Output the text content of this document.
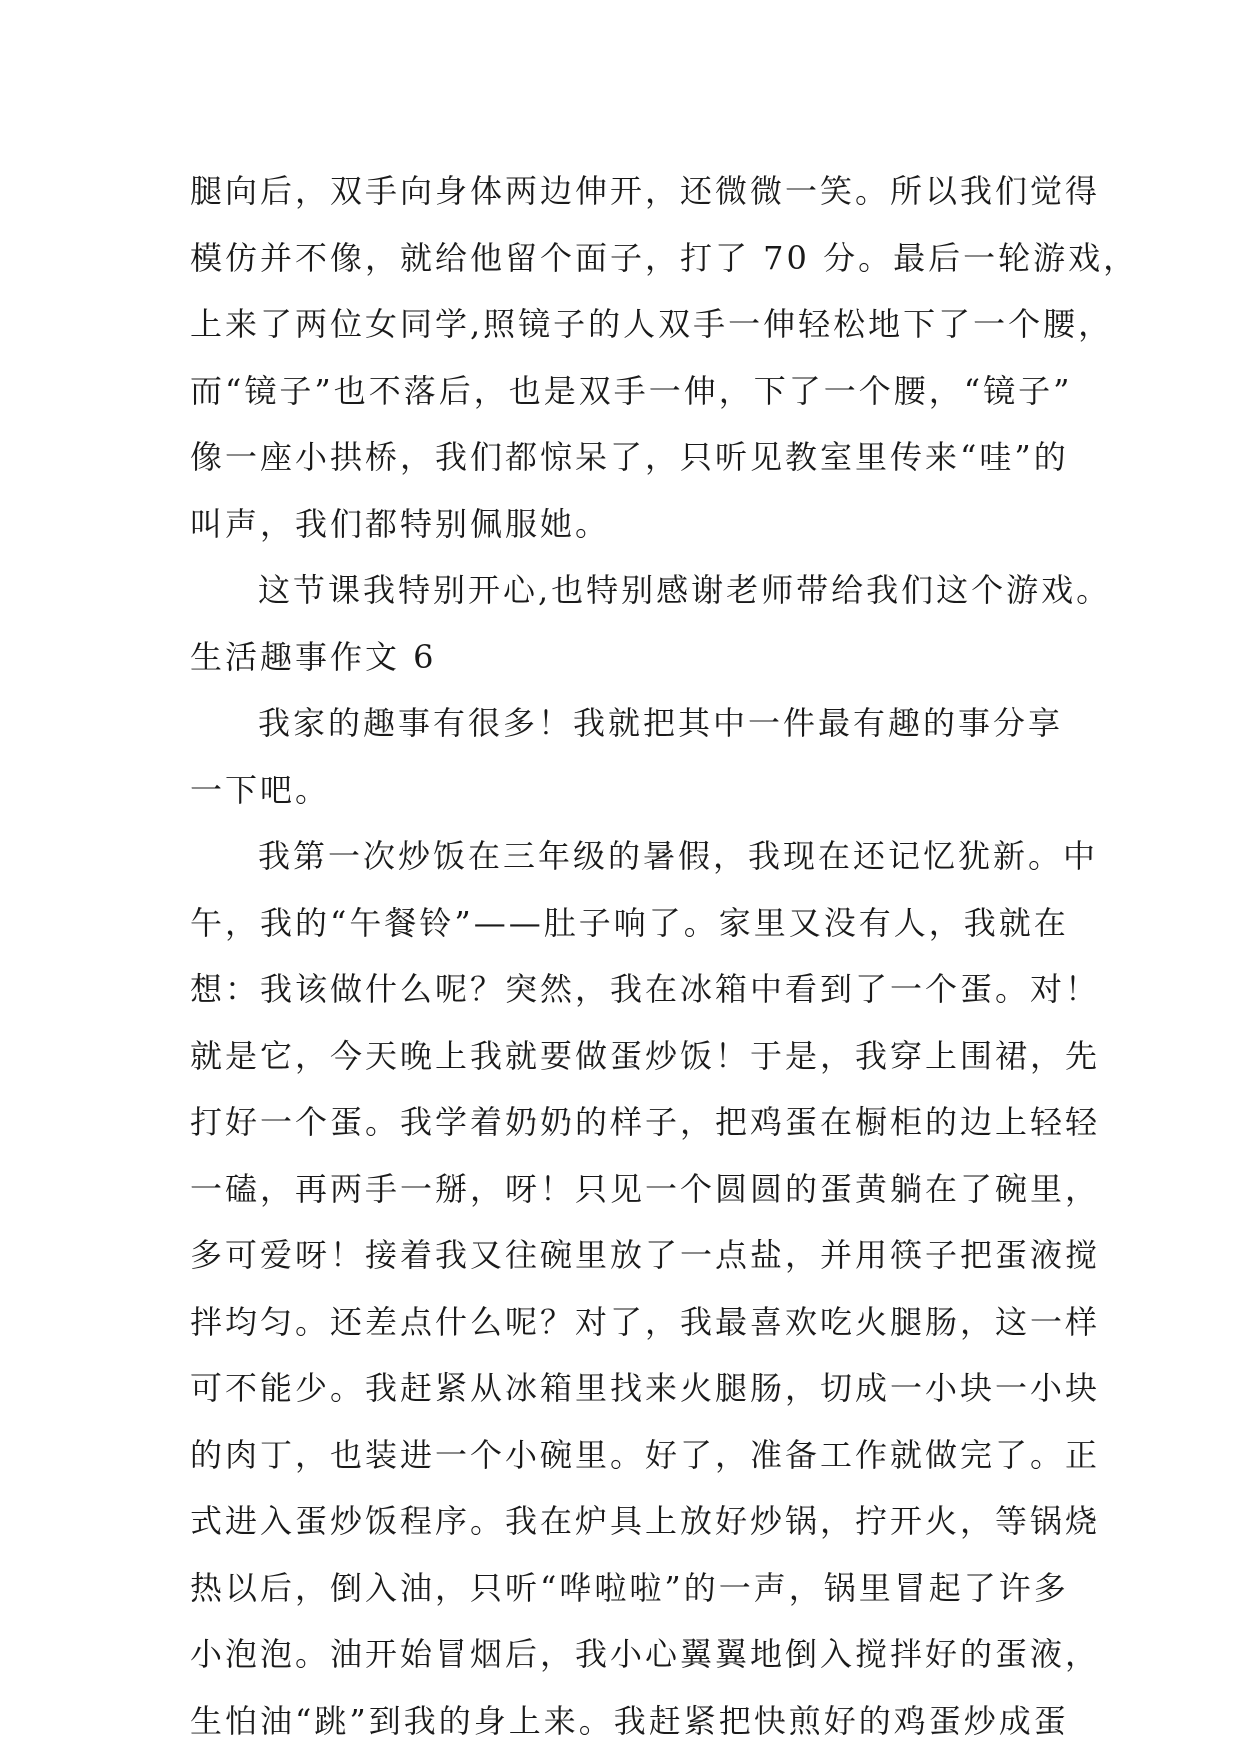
腿向后，双手向身体两边伸开，还微微一笑。所以我们觉得
模仿并不像，就给他留个面子，打了 70 分。最后一轮游戏，
上来了两位女同学,照镜子的人双手一伸轻松地下了一个腰，
而“镜子”也不落后，也是双手一伸，下了一个腰，“镜子”
像一座小拱桥，我们都惊呆了，只听见教室里传来“哇”的
叫声，我们都特别佩服她。
这节课我特别开心,也特别感谢老师带给我们这个游戏。
生活趣事作文 6
我家的趣事有很多！我就把其中一件最有趣的事分享
一下吧。
我第一次炒饭在三年级的暑假，我现在还记忆犹新。中
午，我的“午餐铃”——肚子响了。家里又没有人，我就在
想：我该做什么呢？突然，我在冰箱中看到了一个蛋。对！
就是它，今天晚上我就要做蛋炒饭！于是，我穿上围裙，先
打好一个蛋。我学着奶奶的样子，把鸡蛋在橱柜的边上轻轻
一磕，再两手一掰，呀！只见一个圆圆的蛋黄躺在了碗里，
多可爱呀！接着我又往碗里放了一点盐，并用筷子把蛋液搅
拌均匀。还差点什么呢？对了，我最喜欢吃火腿肠，这一样
可不能少。我赶紧从冰箱里找来火腿肠，切成一小块一小块
的肉丁，也装进一个小碗里。好了，准备工作就做完了。正
式进入蛋炒饭程序。我在炉具上放好炒锅，拧开火，等锅烧
热以后，倒入油，只听“哗啦啦”的一声，锅里冒起了许多
小泡泡。油开始冒烟后，我小心翼翼地倒入搅拌好的蛋液，
生怕油“跳”到我的身上来。我赶紧把快煎好的鸡蛋炒成蛋
